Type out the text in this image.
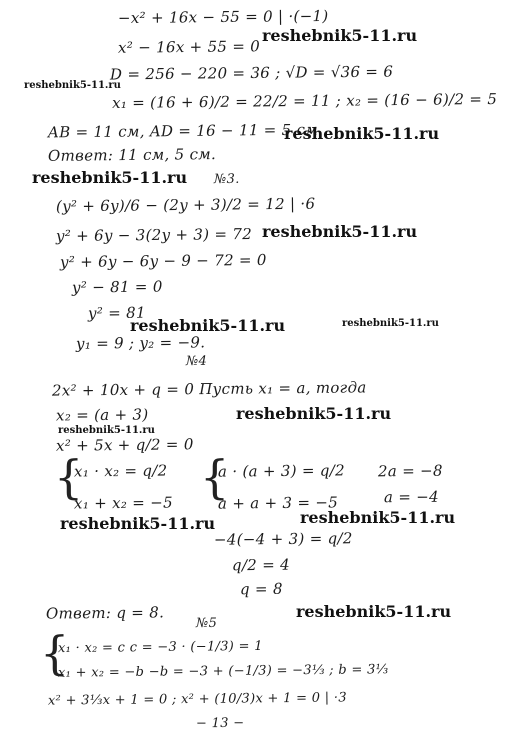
−x² + 16x − 55 = 0 | ·(−1)
x² − 16x + 55 = 0
D = 256 − 220 = 36 ; √D = √36 = 6
x₁ = (16 + 6)/2 = 22/2 = 11 ; x₂ = (16 − 6)/2 = 5
AB = 11 см, AD = 16 − 11 = 5 см
Ответ: 11 см, 5 см.
№3.
(y² + 6y)/6 − (2y + 3)/2 = 12 | ·6
y² + 6y − 3(2y + 3) = 72
y² + 6y − 6y − 9 − 72 = 0
y² − 81 = 0
y² = 81
y₁ = 9 ; y₂ = −9.
№4
2x² + 10x + q = 0 Пусть x₁ = a, тогда
x₂ = (a + 3)
x² + 5x + q/2 = 0
{
x₁ · x₂ = q/2
x₁ + x₂ = −5 {
a · (a + 3) = q/2
a + a + 3 = −5
2a = −8
a = −4
−4(−4 + 3) = q/2
q/2 = 4
q = 8
Ответ: q = 8.
№5
{
x₁ · x₂ = c c = −3 · (−1/3) = 1
x₁ + x₂ = −b −b = −3 + (−1/3) = −3⅓ ; b = 3⅓
x² + 3⅓x + 1 = 0 ; x² + (10/3)x + 1 = 0 | ·3
− 13 −
reshebnik5-11.ru
reshebnik5-11.ru
reshebnik5-11.ru
reshebnik5-11.ru
reshebnik5-11.ru
reshebnik5-11.ru	reshebnik5-11.ru
reshebnik5-11.ru
reshebnik5-11.ru
reshebnik5-11.ru
reshebnik5-11.ru
reshebnik5-11.ru
